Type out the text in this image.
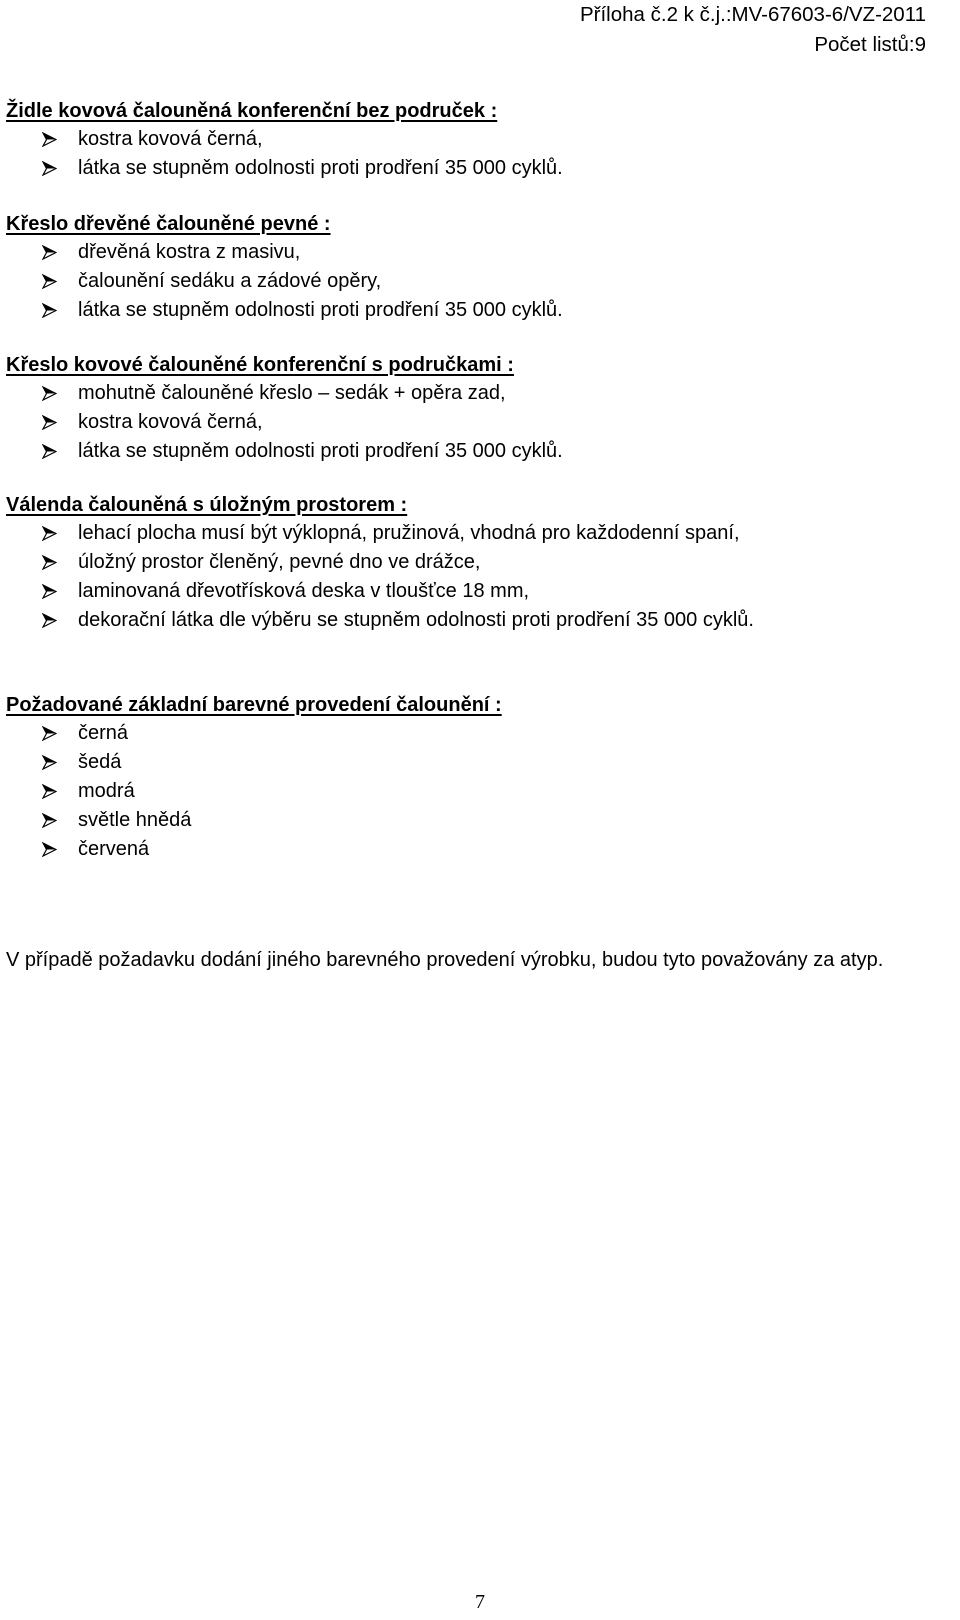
Příloha č.2 k č.j.:MV-67603-6/VZ-2011
Počet listů:9
Židle kovová čalouněná konferenční bez područek :
kostra kovová černá,
látka se stupněm odolnosti proti prodření 35 000 cyklů.
Křeslo dřevěné čalouněné pevné :
dřevěná kostra z masivu,
čalounění sedáku a zádové opěry,
látka se stupněm odolnosti proti prodření 35 000 cyklů.
Křeslo kovové čalouněné konferenční s područkami :
mohutně čalouněné křeslo – sedák + opěra zad,
kostra kovová černá,
látka se stupněm odolnosti proti prodření 35 000 cyklů.
Válenda čalouněná s úložným prostorem :
lehací plocha musí být výklopná, pružinová, vhodná pro každodenní spaní,
úložný prostor členěný, pevné dno ve drážce,
laminovaná dřevotřísková deska v tloušťce 18 mm,
dekorační látka dle výběru se stupněm odolnosti proti prodření 35 000 cyklů.
Požadované základní barevné provedení čalounění :
černá
šedá
modrá
světle hnědá
červená
V případě požadavku dodání jiného barevného provedení výrobku, budou tyto považovány za atyp.
7
